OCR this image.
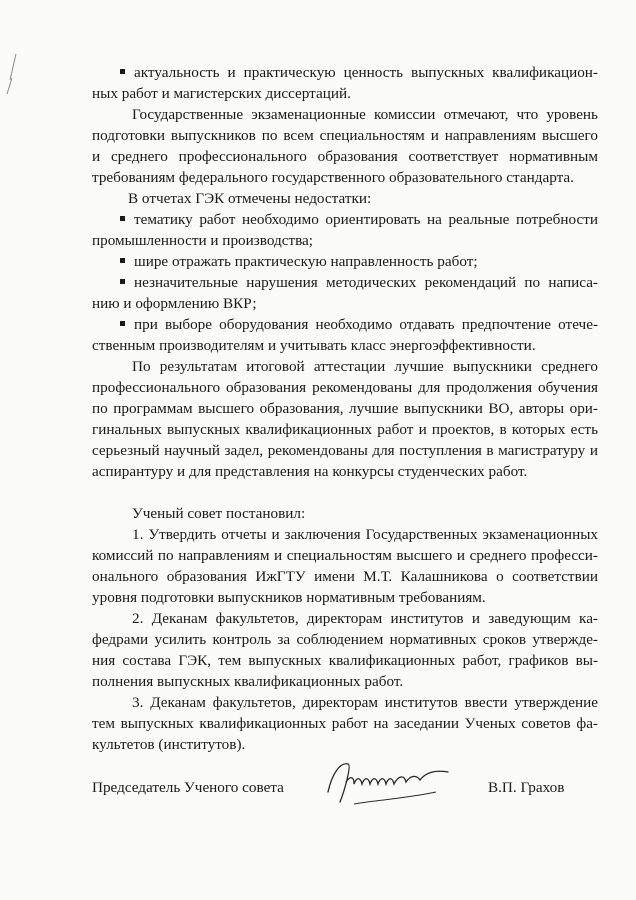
актуальность и практическую ценность выпускных квалификацион-
ных работ и магистерских диссертаций.
Государственные экзаменационные комиссии отмечают, что уровень
подготовки выпускников по всем специальностям и направлениям высшего
и среднего профессионального образования соответствует нормативным
требованиям федерального государственного образовательного стандарта.
В отчетах ГЭК отмечены недостатки:
тематику работ необходимо ориентировать на реальные потребности
промышленности и производства;
шире отражать практическую направленность работ;
незначительные нарушения методических рекомендаций по написа-
нию и оформлению ВКР;
при выборе оборудования необходимо отдавать предпочтение отече-
ственным производителям и учитывать класс энергоэффективности.
По результатам итоговой аттестации лучшие выпускники среднего
профессионального образования рекомендованы для продолжения обучения
по программам высшего образования, лучшие выпускники ВО, авторы ори-
гинальных выпускных квалификационных работ и проектов, в которых есть
серьезный научный задел, рекомендованы для поступления в магистратуру и
аспирантуру и для представления на конкурсы студенческих работ.
Ученый совет постановил:
1. Утвердить отчеты и заключения Государственных экзаменационных
комиссий по направлениям и специальностям высшего и среднего професси-
онального образования ИжГТУ имени М.Т. Калашникова о соответствии
уровня подготовки выпускников нормативным требованиям.
2. Деканам факультетов, директорам институтов и заведующим ка-
федрами усилить контроль за соблюдением нормативных сроков утвержде-
ния состава ГЭК, тем выпускных квалификационных работ, графиков вы-
полнения выпускных квалификационных работ.
3. Деканам факультетов, директорам институтов ввести утверждение
тем выпускных квалификационных работ на заседании Ученых советов фа-
культетов (институтов).
Председатель Ученого совета	В.П. Грахов
